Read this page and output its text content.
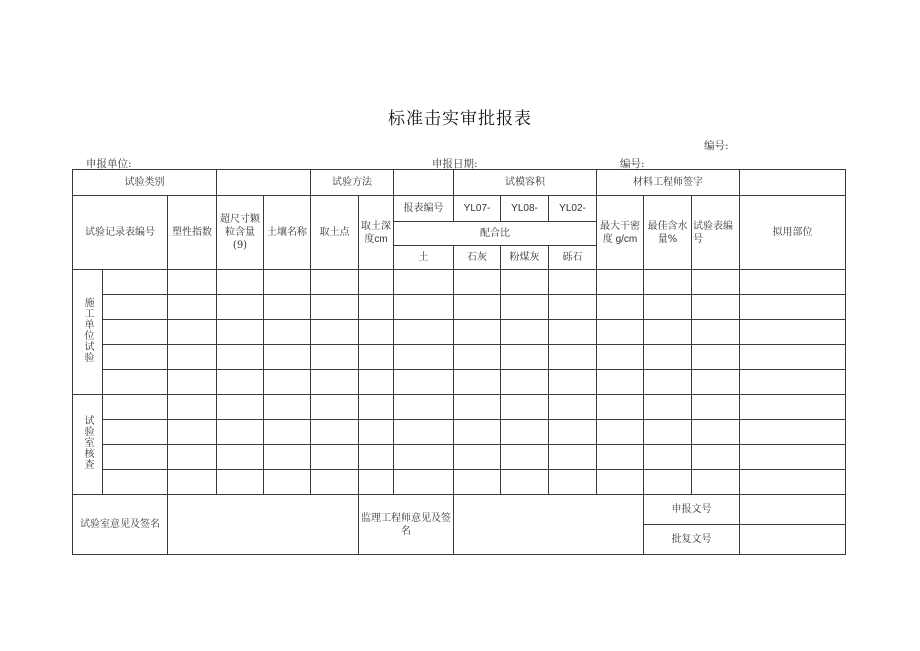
标准击实审批报表
编号:
申报单位:	申报日期:	编号:
试验类别					试验方法			试模容积			材料工程师签字			
试验记录表编号		塑性指数	超尺寸颗粒含量(9)	土壤名称	取土点	取土深度cm	报表编号	YL07-	YL08-	YL02-	最大干密度 g/cm	最佳含水量%	试验表编号	拟用部位
							配合比							
							土	石灰	粉煤灰	砾石				
施工单位试验														

试验室核查														

试验室意见及签名						监理工程师意见及签名						申报文号		
												批复文号		
